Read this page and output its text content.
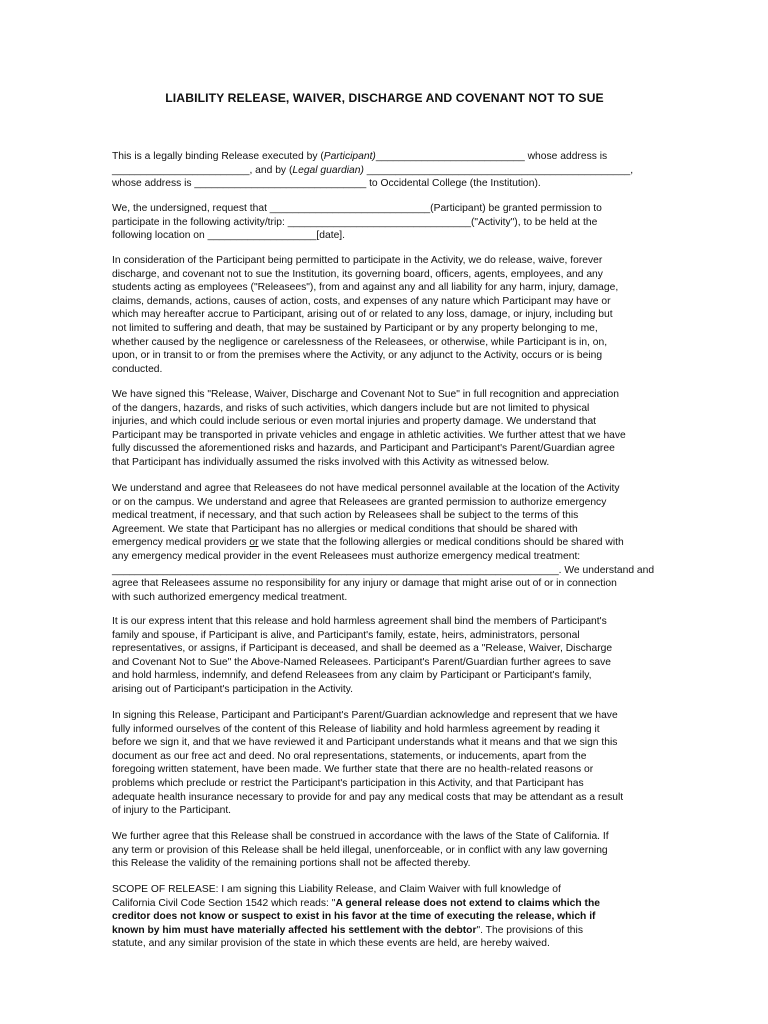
LIABILITY RELEASE, WAIVER, DISCHARGE AND COVENANT NOT TO SUE
This is a legally binding Release executed by (Participant)__________________________ whose address is
________________________, and by (Legal guardian) ______________________________________________,
whose address is ______________________________ to Occidental College (the Institution).
We, the undersigned, request that ____________________________(Participant) be granted permission to
participate in the following activity/trip: ________________________________("Activity"), to be held at the
following location on ___________________[date].
In consideration of the Participant being permitted to participate in the Activity, we do release, waive, forever
discharge, and covenant not to sue the Institution, its governing board, officers, agents, employees, and any
students acting as employees ("Releasees"), from and against any and all liability for any harm, injury, damage,
claims, demands, actions, causes of action, costs, and expenses of any nature which Participant may have or
which may hereafter accrue to Participant, arising out of or related to any loss, damage, or injury, including but
not limited to suffering and death, that may be sustained by Participant or by any property belonging to me,
whether caused by the negligence or carelessness of the Releasees, or otherwise, while Participant is in, on,
upon, or in transit to or from the premises where the Activity, or any adjunct to the Activity, occurs or is being
conducted.
We have signed this "Release, Waiver, Discharge and Covenant Not to Sue" in full recognition and appreciation
of the dangers, hazards, and risks of such activities, which dangers include but are not limited to physical
injuries, and which could include serious or even mortal injuries and property damage. We understand that
Participant may be transported in private vehicles and engage in athletic activities. We further attest that we have
fully discussed the aforementioned risks and hazards, and Participant and Participant's Parent/Guardian agree
that Participant has individually assumed the risks involved with this Activity as witnessed below.
We understand and agree that Releasees do not have medical personnel available at the location of the Activity
or on the campus. We understand and agree that Releasees are granted permission to authorize emergency
medical treatment, if necessary, and that such action by Releasees shall be subject to the terms of this
Agreement. We state that Participant has no allergies or medical conditions that should be shared with
emergency medical providers or we state that the following allergies or medical conditions should be shared with
any emergency medical provider in the event Releasees must authorize emergency medical treatment:
______________________________________________________________________________. We understand and
agree that Releasees assume no responsibility for any injury or damage that might arise out of or in connection
with such authorized emergency medical treatment.
It is our express intent that this release and hold harmless agreement shall bind the members of Participant's
family and spouse, if Participant is alive, and Participant's family, estate, heirs, administrators, personal
representatives, or assigns, if Participant is deceased, and shall be deemed as a "Release, Waiver, Discharge
and Covenant Not to Sue" the Above-Named Releasees. Participant's Parent/Guardian further agrees to save
and hold harmless, indemnify, and defend Releasees from any claim by Participant or Participant's family,
arising out of Participant's participation in the Activity.
In signing this Release, Participant and Participant's Parent/Guardian acknowledge and represent that we have
fully informed ourselves of the content of this Release of liability and hold harmless agreement by reading it
before we sign it, and that we have reviewed it and Participant understands what it means and that we sign this
document as our free act and deed. No oral representations, statements, or inducements, apart from the
foregoing written statement, have been made. We further state that there are no health-related reasons or
problems which preclude or restrict the Participant's participation in this Activity, and that Participant has
adequate health insurance necessary to provide for and pay any medical costs that may be attendant as a result
of injury to the Participant.
We further agree that this Release shall be construed in accordance with the laws of the State of California. If
any term or provision of this Release shall be held illegal, unenforceable, or in conflict with any law governing
this Release the validity of the remaining portions shall not be affected thereby.
SCOPE OF RELEASE: I am signing this Liability Release, and Claim Waiver with full knowledge of
California Civil Code Section 1542 which reads: "A general release does not extend to claims which the
creditor does not know or suspect to exist in his favor at the time of executing the release, which if
known by him must have materially affected his settlement with the debtor". The provisions of this
statute, and any similar provision of the state in which these events are held, are hereby waived.
